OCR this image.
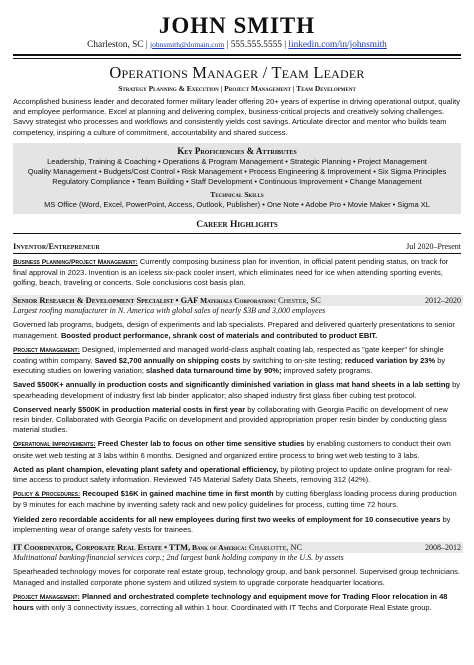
JOHN SMITH
Charleston, SC | johnsmith@domain.com | 555.555.5555 | linkedin.com/in/johnsmith
Operations Manager / Team Leader
Strategy Planning & Execution | Project Management | Team Development

Accomplished business leader and decorated former military leader offering 20+ years of expertise in driving operational output, quality and employee performance. Excel at planning and delivering complex, business-critical projects and creatively solving challenges. Savvy strategist who processes and workflows and consistently yields cost savings. Articulate director and mentor who builds team competency, inspiring a culture of commitment, accountability and shared success.

Key Proficiencies & Attributes

Leadership, Training & Coaching • Operations & Program Management • Strategic Planning • Project Management

Quality Management • Budgets/Cost Control • Risk Management • Process Engineering & Improvement • Six Sigma Principles

Regulatory Compliance • Team Building • Staff Development • Continuous Improvement • Change Management

Technical Skills

MS Office (Word, Excel, PowerPoint, Access, Outlook, Publisher) • One Note • Adobe Pro • Movie Maker • Sigma XL

Career Highlights
Inventor/Entrepreneur	Jul 2020–Present

Business Planning/Project Management: Currently composing business plan for invention, in official patent pending status, on track for final approval in 2023. Invention is an iceless six-pack cooler insert, which eliminates need for ice when attending sporting events, golfing, beach, traveling or concerts. Sole conclusions cost basis plan.

Senior Research & Development Specialist • GAF Materials Corporation: Chester, SC	2012–2020

Largest roofing manufacturer in N. America with global sales of nearly $3B and 3,000 employees

Governed lab programs, budgets, design of experiments and lab specialists. Prepared and delivered quarterly presentations to senior management. Boosted product performance, shrank cost of materials and contributed to product EBIT.

Project Management: Designed, implemented and managed world-class asphalt coating lab, respected as "gate keeper" for shingle coating within company. Saved $2,700 annually on shipping costs by switching to on-site testing; reduced variation by 23% by executing studies on lowering variation; slashed data turnaround time by 90%; improved safety programs.

Saved $500K+ annually in production costs and significantly diminished variation in glass mat hand sheets in a lab setting by spearheading development of industry first lab binder applicator; also shaped industry first glass fiber cubing test protocol.

Conserved nearly $500K in production material costs in first year by collaborating with Georgia Pacific on development of new resin binder. Collaborated with Georgia Pacific on development and provided appropriation proper resin binder by conducting glass material studies.

Operational Improvements: Freed Chester lab to focus on other time sensitive studies by enabling customers to conduct their own onsite wet web testing at 3 labs within 6 months. Designed and organized entire process to bring wet web testing to 3 labs.

Acted as plant champion, elevating plant safety and operational efficiency, by piloting project to update online program for real-time access to product safety information. Reviewed 745 Material Safety Data Sheets, removing 312 (42%).

Policy & Procedures: Recouped $16K in gained machine time in first month by cutting fiberglass loading process during production by 9 minutes for each machine by inventing safety rack and new policy guidelines for process, cutting time 72 hours.

Yielded zero recordable accidents for all new employees during first two weeks of employment for 10 consecutive years by implementing wear of orange safety vests for trainees.

IT Coordinator, Corporate Real Estate • TTM, Bank of America: Charlotte, NC	2008–2012

Multinational banking/financial services corp.; 2nd largest bank holding company in the U.S. by assets

Spearheaded technology moves for corporate real estate group, technology group, and bank personnel. Supervised group technicians. Managed and installed corporate phone system and utilized system to upgrade corporate headquarter locations.

Project Management: Planned and orchestrated complete technology and equipment move for Trading Floor relocation in 48 hours with only 3 connectivity issues, correcting all within 1 hour. Coordinated with IT Techs and Corporate Real Estate group.
